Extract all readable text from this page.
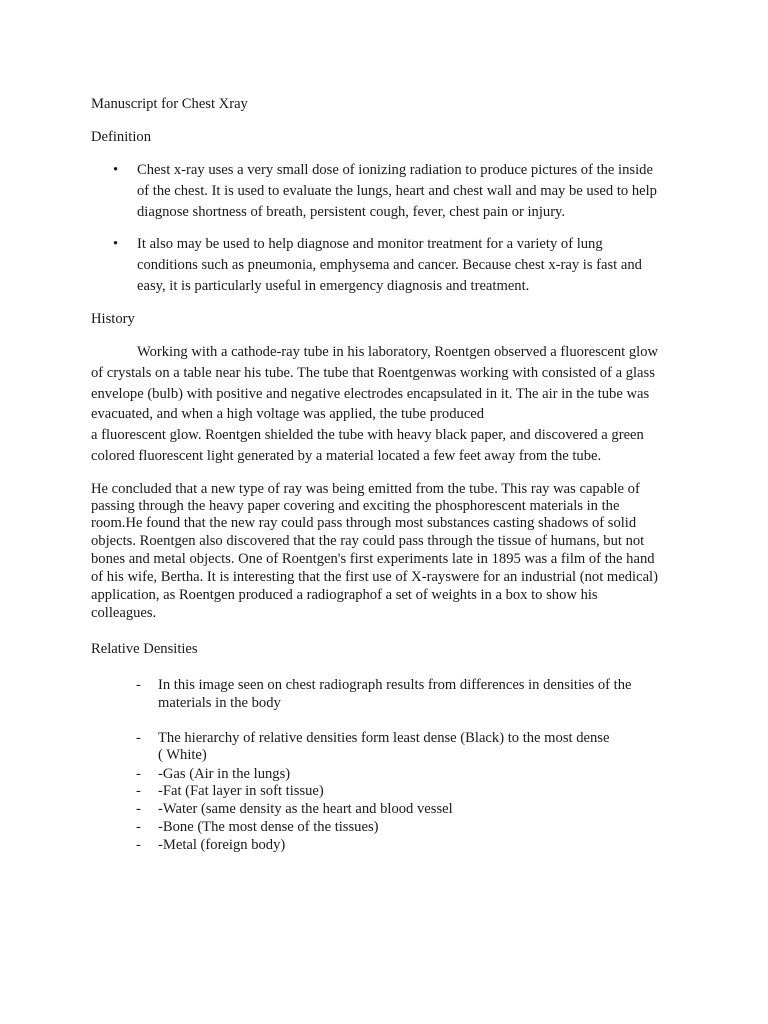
Manuscript for Chest Xray
Definition
• Chest x-ray uses a very small dose of ionizing radiation to produce pictures of the inside
of the chest. It is used to evaluate the lungs, heart and chest wall and may be used to help
diagnose shortness of breath, persistent cough, fever, chest pain or injury.
• It also may be used to help diagnose and monitor treatment for a variety of lung
conditions such as pneumonia, emphysema and cancer. Because chest x-ray is fast and
easy, it is particularly useful in emergency diagnosis and treatment.
History
Working with a cathode-ray tube in his laboratory, Roentgen observed a fluorescent glow
of crystals on a table near his tube. The tube that Roentgenwas working with consisted of a glass
envelope (bulb) with positive and negative electrodes encapsulated in it. The air in the tube was
evacuated, and when a high voltage was applied, the tube produced
a fluorescent glow. Roentgen shielded the tube with heavy black paper, and discovered a green
colored fluorescent light generated by a material located a few feet away from the tube.
He concluded that a new type of ray was being emitted from the tube. This ray was capable of
passing through the heavy paper covering and exciting the phosphorescent materials in the
room.He found that the new ray could pass through most substances casting shadows of solid
objects. Roentgen also discovered that the ray could pass through the tissue of humans, but not
bones and metal objects. One of Roentgen's first experiments late in 1895 was a film of the hand
of his wife, Bertha. It is interesting that the first use of X-rayswere for an industrial (not medical)
application, as Roentgen produced a radiographof a set of weights in a box to show his
colleagues.
Relative Densities
- In this image seen on chest radiograph results from differences in densities of the
materials in the body
- The hierarchy of relative densities form least dense (Black) to the most dense
( White)
- -Gas (Air in the lungs)
- -Fat (Fat layer in soft tissue)
- -Water (same density as the heart and blood vessel
- -Bone (The most dense of the tissues)
- -Metal (foreign body)
